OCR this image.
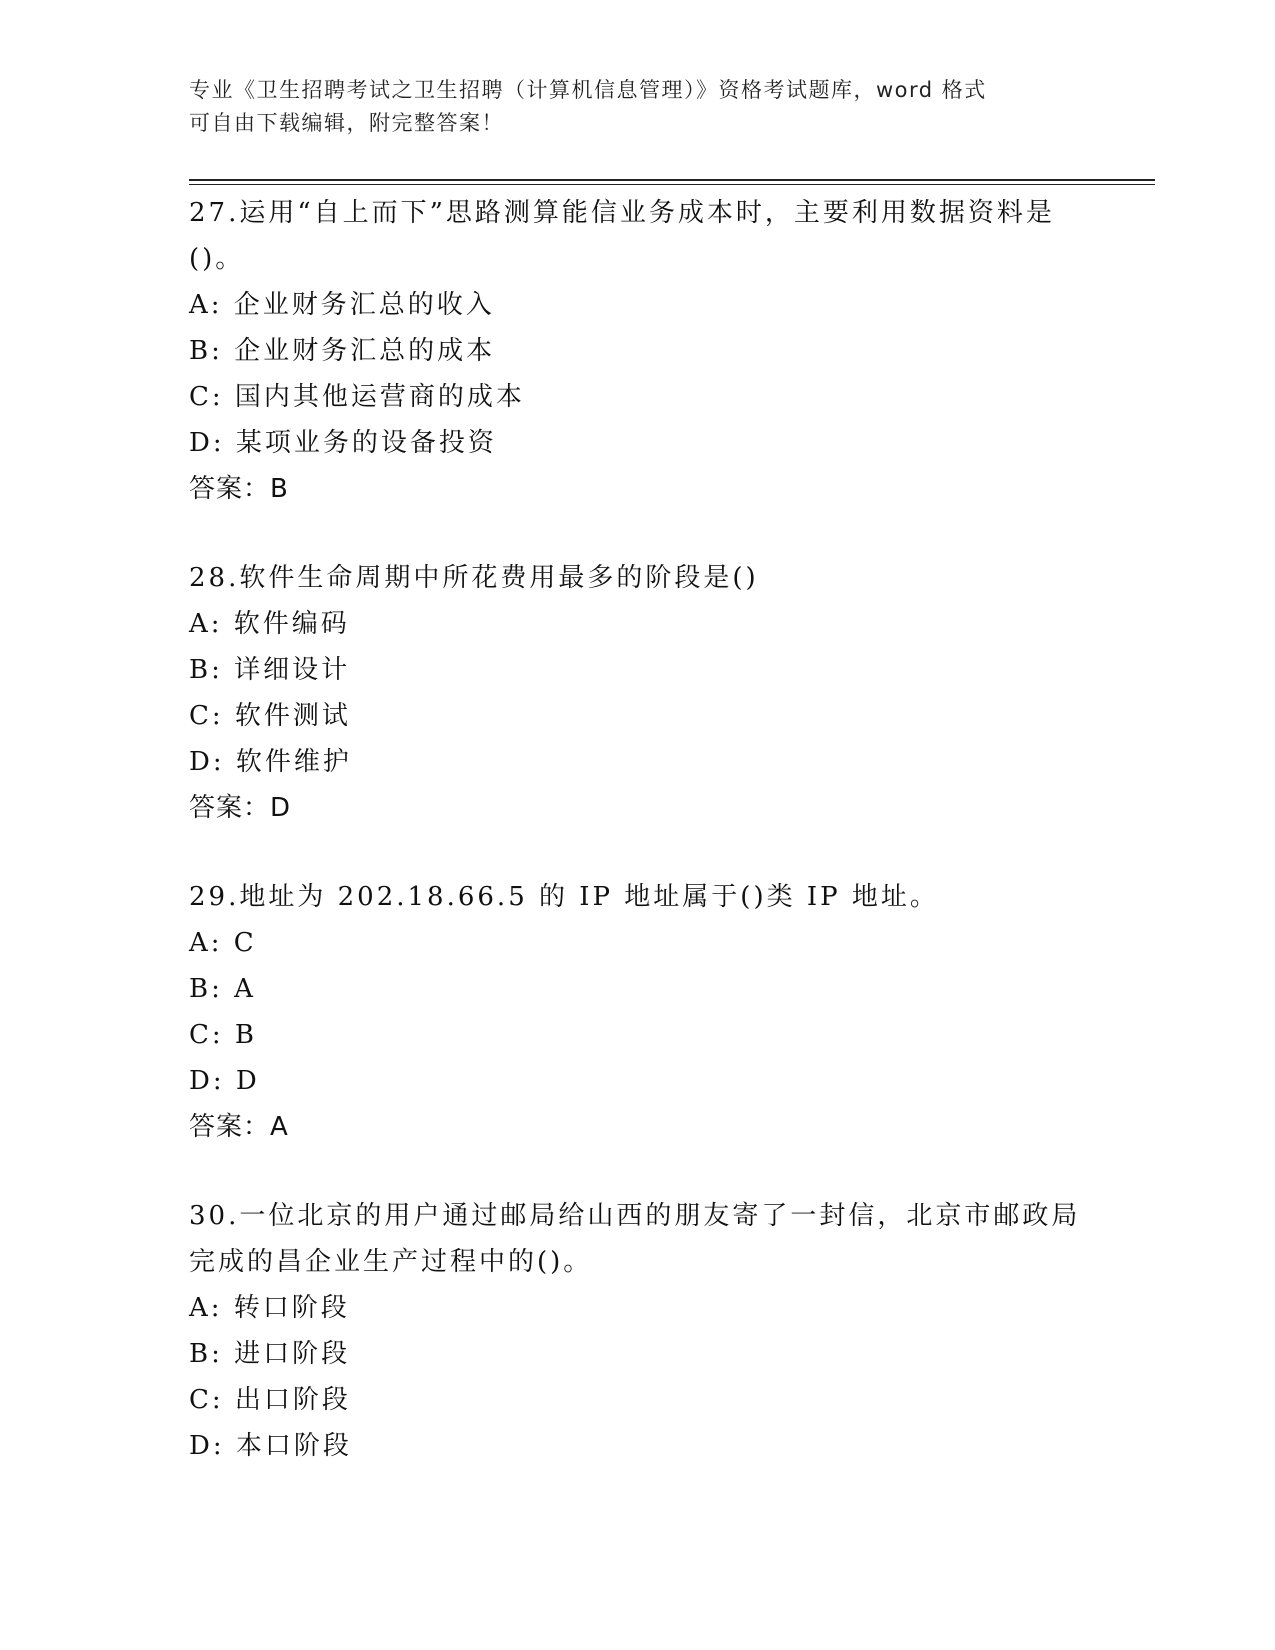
专业《卫生招聘考试之卫生招聘（计算机信息管理）》资格考试题库，word 格式
可自由下载编辑，附完整答案！
27.运用“自上而下”思路测算能信业务成本时，主要利用数据资料是
()。
A: 企业财务汇总的收入
B: 企业财务汇总的成本
C: 国内其他运营商的成本
D: 某项业务的设备投资
答案：B
28.软件生命周期中所花费用最多的阶段是()
A: 软件编码
B: 详细设计
C: 软件测试
D: 软件维护
答案：D
29.地址为 202.18.66.5 的 IP 地址属于()类 IP 地址。
A: C
B: A
C: B
D: D
答案：A
30.一位北京的用户通过邮局给山西的朋友寄了一封信，北京市邮政局
完成的昌企业生产过程中的()。
A: 转口阶段
B: 进口阶段
C: 出口阶段
D: 本口阶段
